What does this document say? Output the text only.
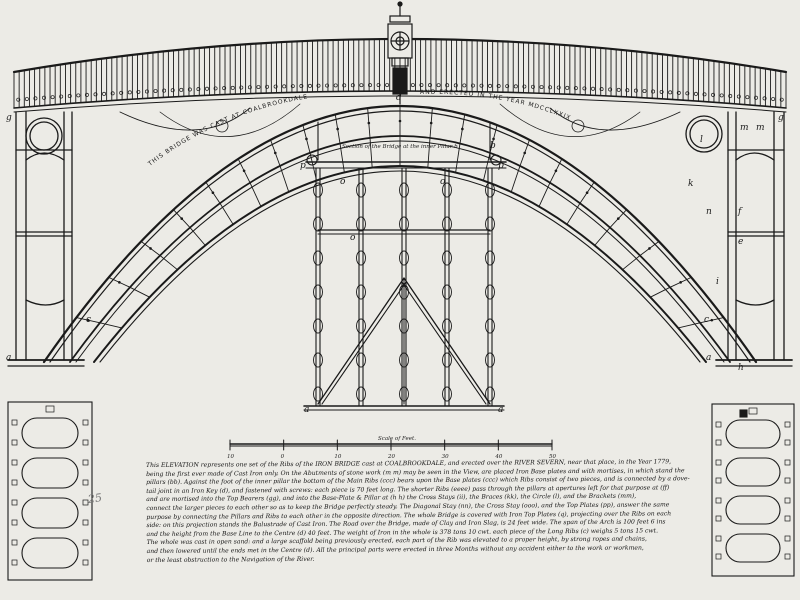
THIS BRIDGE WAS CAST AT COALBROOKDALE
AND ERECTED IN THE YEAR MDCCLXXIX
Section of the Bridge at the inner Pillar b
Scale of Feet.
10	0	10	20	30	40	50
d
g	g
p	p
a	a
b
c	c
a	a
l
m m
k
n	f
e
i
o	o
o
h
This ELEVATION represents one set of the Ribs of the IRON BRIDGE cast at COALBROOKDALE, and erected over the RIVER SEVERN, near that place, in the Year 1779,
being the first ever made of Cast Iron only. On the Abutments of stone work (m m) may be seen in the View, are placed Iron Base plates and with mortises, in which stand the
pillars (bb). Against the foot of the inner pillar the bottom of the Main Ribs (ccc) bears upon the Base plates (ccc) which Ribs consist of two pieces, and is connected by a dove-
tail joint in an Iron Key (d), and fastened with screws: each piece is 70 feet long. The shorter Ribs (eeee) pass through the pillars at apertures left for that purpose at (ff)
and are mortised into the Top Bearers (gg), and into the Base-Plate & Pillar at (h h) the Cross Stays (ii), the Braces (kk), the Circle (l), and the Brackets (mm),
connect the larger pieces to each other so as to keep the Bridge perfectly steady. The Diagonal Stay (nn), the Cross Stay (ooo), and the Top Plates (pp), answer the same
purpose by connecting the Pillars and Ribs to each other in the opposite direction. The whole Bridge is covered with Iron Top Plates (q), projecting over the Ribs on each
side: on this projection stands the Balustrade of Cast Iron. The Road over the Bridge, made of Clay and Iron Slag, is 24 feet wide. The span of the Arch is 100 feet 6 ins
and the height from the Base Line to the Centre (d) 40 feet. The weight of Iron in the whole is 378 tons 10 cwt. each piece of the Long Ribs (c) weighs 5 tons 15 cwt.
The whole was cast in open sand: and a large scaffold being previously erected, each part of the Rib was elevated to a proper height, by strong ropes and chains,
and then lowered until the ends met in the Centre (d). All the principal parts were erected in three Months without any accident either to the work or workmen,
or the least obstruction to the Navigation of the River.
25
